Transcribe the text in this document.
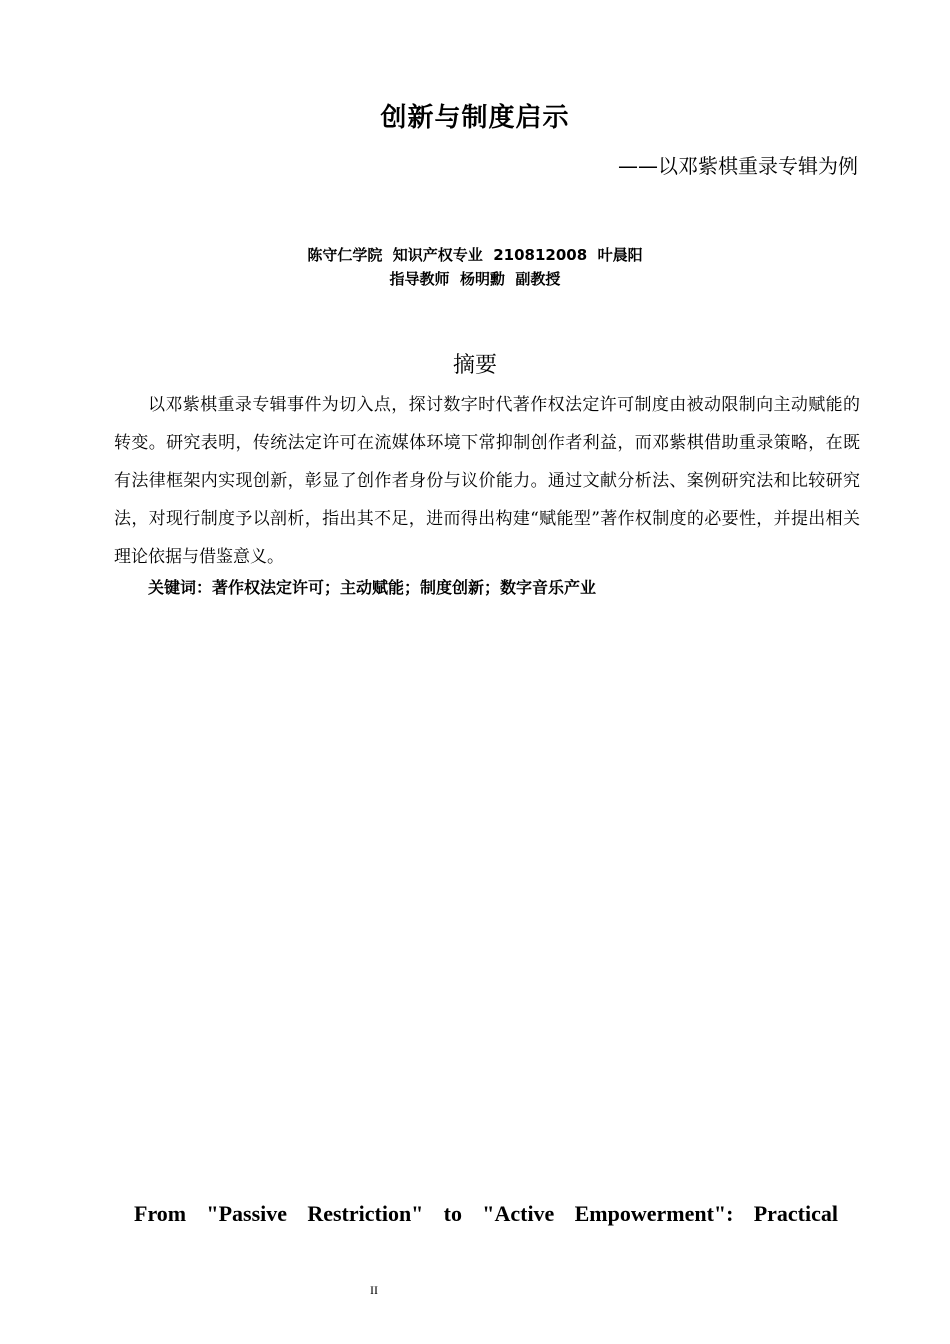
创新与制度启示
——以邓紫棋重录专辑为例
陈守仁学院  知识产权专业  210812008  叶晨阳
指导教师  杨明勳  副教授
摘要
以邓紫棋重录专辑事件为切入点，探讨数字时代著作权法定许可制度由被动限制向主动赋能的转变。研究表明，传统法定许可在流媒体环境下常抑制创作者利益，而邓紫棋借助重录策略，在既有法律框架内实现创新，彰显了创作者身份与议价能力。通过文献分析法、案例研究法和比较研究法，对现行制度予以剖析，指出其不足，进而得出构建“赋能型”著作权制度的必要性，并提出相关理论依据与借鉴意义。
关键词：著作权法定许可；主动赋能；制度创新；数字音乐产业
From "Passive Restriction" to "Active Empowerment": Practical
II
